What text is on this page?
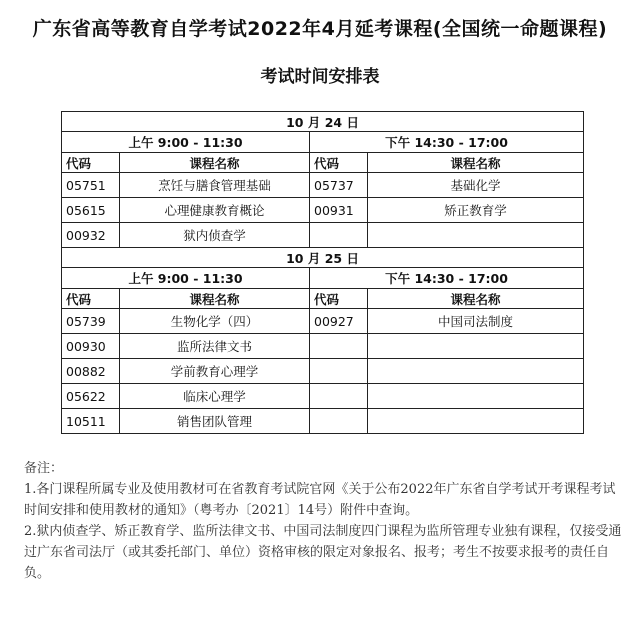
广东省高等教育自学考试2022年4月延考课程(全国统一命题课程)
考试时间安排表
10 月 24 日			
上午 9:00 - 11:30		下午 14:30 - 17:00	
代码	课程名称	代码	课程名称
05751	烹饪与膳食管理基础	05737	基础化学
05615	心理健康教育概论	00931	矫正教育学
00932	狱内侦查学		
10 月 25 日			
上午 9:00 - 11:30		下午 14:30 - 17:00	
代码	课程名称	代码	课程名称
05739	生物化学（四）	00927	中国司法制度
00930	监所法律文书		
00882	学前教育心理学		
05622	临床心理学		
10511	销售团队管理		

备注：

1.各门课程所属专业及使用教材可在省教育考试院官网《关于公布2022年广东省自学考试开考课程考试时间安排和使用教材的通知》（粤考办〔2021〕14号）附件中查询。

2.狱内侦查学、矫正教育学、监所法律文书、中国司法制度四门课程为监所管理专业独有课程，仅接受通过广东省司法厅（或其委托部门、单位）资格审核的限定对象报名、报考；考生不按要求报考的责任自负。
